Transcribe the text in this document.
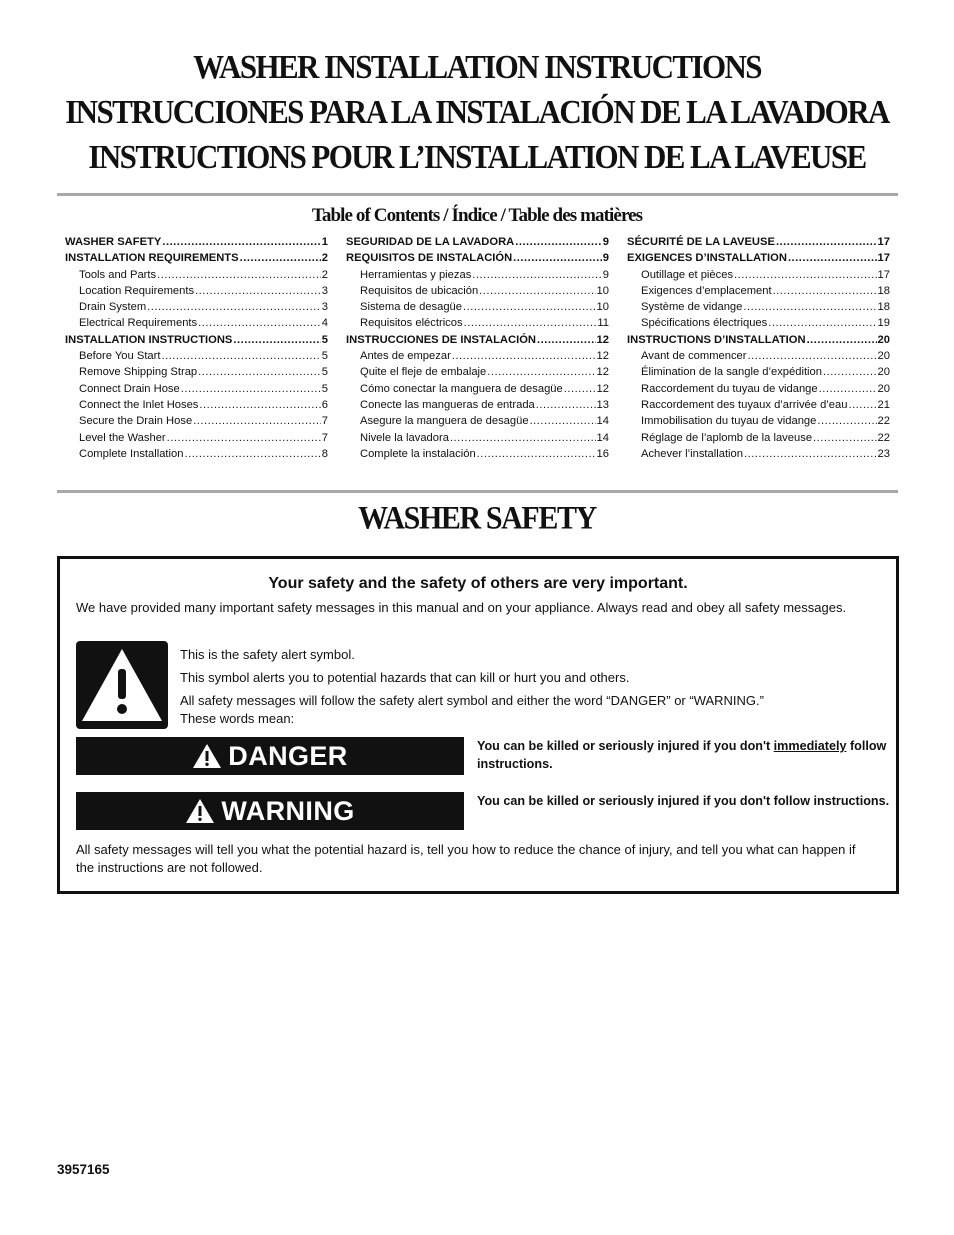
WASHER INSTALLATION INSTRUCTIONS
INSTRUCCIONES PARA LA INSTALACIÓN DE LA LAVADORA
INSTRUCTIONS POUR L’INSTALLATION DE LA LAVEUSE
Table of Contents / Índice / Table des matières
WASHER SAFETY .....	1
INSTALLATION REQUIREMENTS .....	2
Tools and Parts .....	2
Location Requirements .....	3
Drain System .....	3
Electrical Requirements .....	4
INSTALLATION INSTRUCTIONS .....	5
Before You Start .....	5
Remove Shipping Strap .....	5
Connect Drain Hose .....	5
Connect the Inlet Hoses .....	6
Secure the Drain Hose .....	7
Level the Washer .....	7
Complete Installation .....	8
SEGURIDAD DE LA LAVADORA .....	9
REQUISITOS DE INSTALACIÓN .....	9
Herramientas y piezas .....	9
Requisitos de ubicación .....	10
Sistema de desagüe .....	10
Requisitos eléctricos .....	11
INSTRUCCIONES DE INSTALACIÓN .....	12
Antes de empezar .....	12
Quite el fleje de embalaje .....	12
Cómo conectar la manguera de desagüe .....	12
Conecte las mangueras de entrada .....	13
Asegure la manguera de desagüe .....	14
Nivele la lavadora .....	14
Complete la instalación .....	16
SÉCURITÉ DE LA LAVEUSE .....	17
EXIGENCES D’INSTALLATION .....	17
Outillage et pièces .....	17
Exigences d’emplacement .....	18
Système de vidange .....	18
Spécifications électriques .....	19
INSTRUCTIONS D’INSTALLATION .....	20
Avant de commencer .....	20
Élimination de la sangle d’expédition .....	20
Raccordement du tuyau de vidange .....	20
Raccordement des tuyaux d’arrivée d’eau .....	21
Immobilisation du tuyau de vidange .....	22
Réglage de l’aplomb de la laveuse .....	22
Achever l’installation .....	23
WASHER SAFETY
Your safety and the safety of others are very important.
We have provided many important safety messages in this manual and on your appliance. Always read and obey all safety messages.
This is the safety alert symbol.
This symbol alerts you to potential hazards that can kill or hurt you and others.
All safety messages will follow the safety alert symbol and either the word “DANGER” or “WARNING.”
These words mean:
DANGER	You can be killed or seriously injured if you don't immediately follow instructions.
WARNING	You can be killed or seriously injured if you don't follow instructions.
All safety messages will tell you what the potential hazard is, tell you how to reduce the chance of injury, and tell you what can happen if the instructions are not followed.
3957165
